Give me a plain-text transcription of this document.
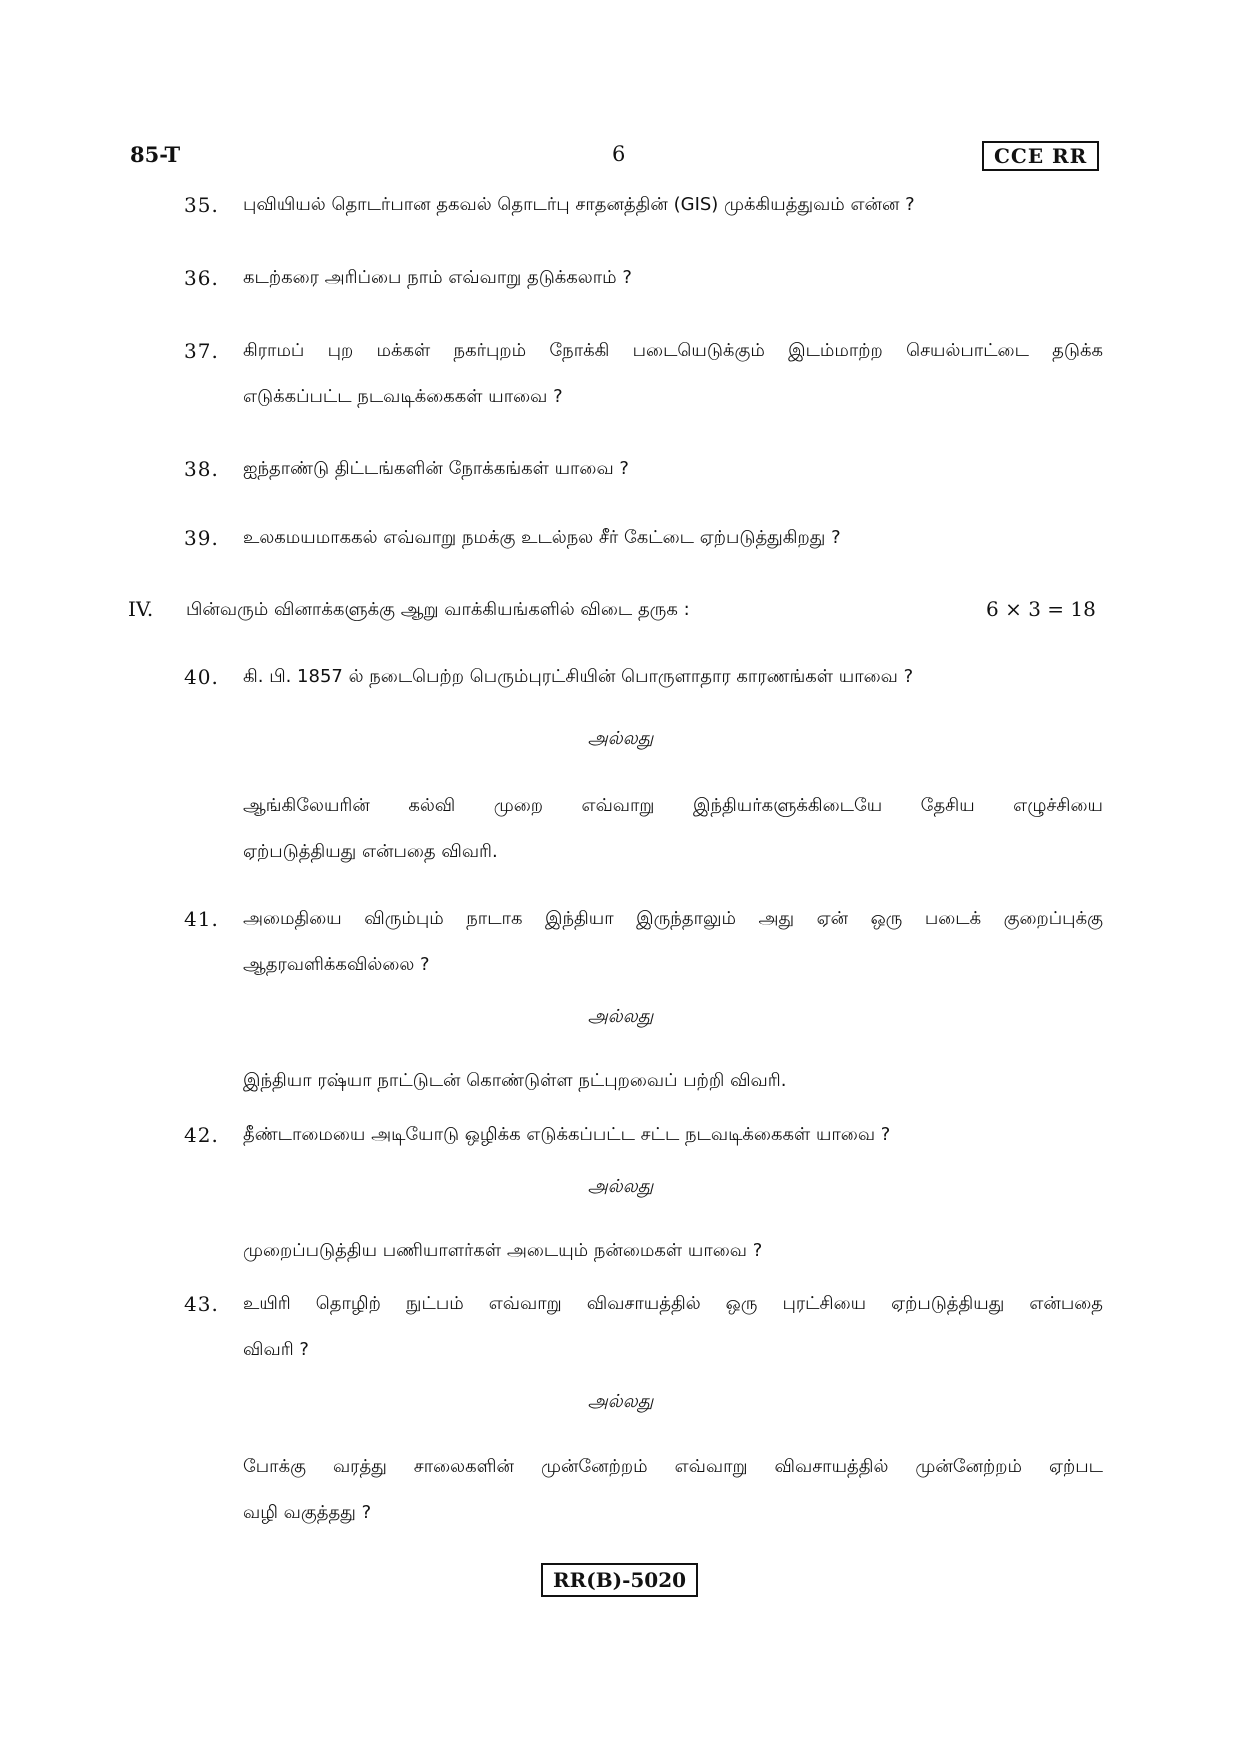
85-T	6	CCE RR
35. புவியியல் தொடர்பான தகவல் தொடர்பு சாதனத்தின் (GIS) முக்கியத்துவம் என்ன ?
36. கடற்கரை அரிப்பை நாம் எவ்வாறு தடுக்கலாம் ?
37. கிராமப் புற மக்கள் நகர்புறம் நோக்கி படையெடுக்கும் இடம்மாற்ற செயல்பாட்டை தடுக்க
எடுக்கப்பட்ட நடவடிக்கைகள் யாவை ?
38. ஐந்தாண்டு திட்டங்களின் நோக்கங்கள் யாவை ?
39. உலகமயமாககல் எவ்வாறு நமக்கு உடல்நல சீர் கேட்டை ஏற்படுத்துகிறது ?
IV. பின்வரும் வினாக்களுக்கு ஆறு வாக்கியங்களில் விடை தருக :	6 × 3 = 18
40. கி. பி. 1857 ல் நடைபெற்ற பெரும்புரட்சியின் பொருளாதார காரணங்கள் யாவை ?
அல்லது
ஆங்கிலேயரின் கல்வி முறை எவ்வாறு இந்தியர்களுக்கிடையே தேசிய எழுச்சியை
ஏற்படுத்தியது என்பதை விவரி.
41. அமைதியை விரும்பும் நாடாக இந்தியா இருந்தாலும் அது ஏன் ஒரு படைக் குறைப்புக்கு
ஆதரவளிக்கவில்லை ?
அல்லது
இந்தியா ரஷ்யா நாட்டுடன் கொண்டுள்ள நட்புறவைப் பற்றி விவரி.
42. தீண்டாமையை அடியோடு ஒழிக்க எடுக்கப்பட்ட சட்ட நடவடிக்கைகள் யாவை ?
அல்லது
முறைப்படுத்திய பணியாளர்கள் அடையும் நன்மைகள் யாவை ?
43. உயிரி தொழிற் நுட்பம் எவ்வாறு விவசாயத்தில் ஒரு புரட்சியை ஏற்படுத்தியது என்பதை
விவரி ?
அல்லது
போக்கு வரத்து சாலைகளின் முன்னேற்றம் எவ்வாறு விவசாயத்தில் முன்னேற்றம் ஏற்பட
வழி வகுத்தது ?
RR(B)-5020
